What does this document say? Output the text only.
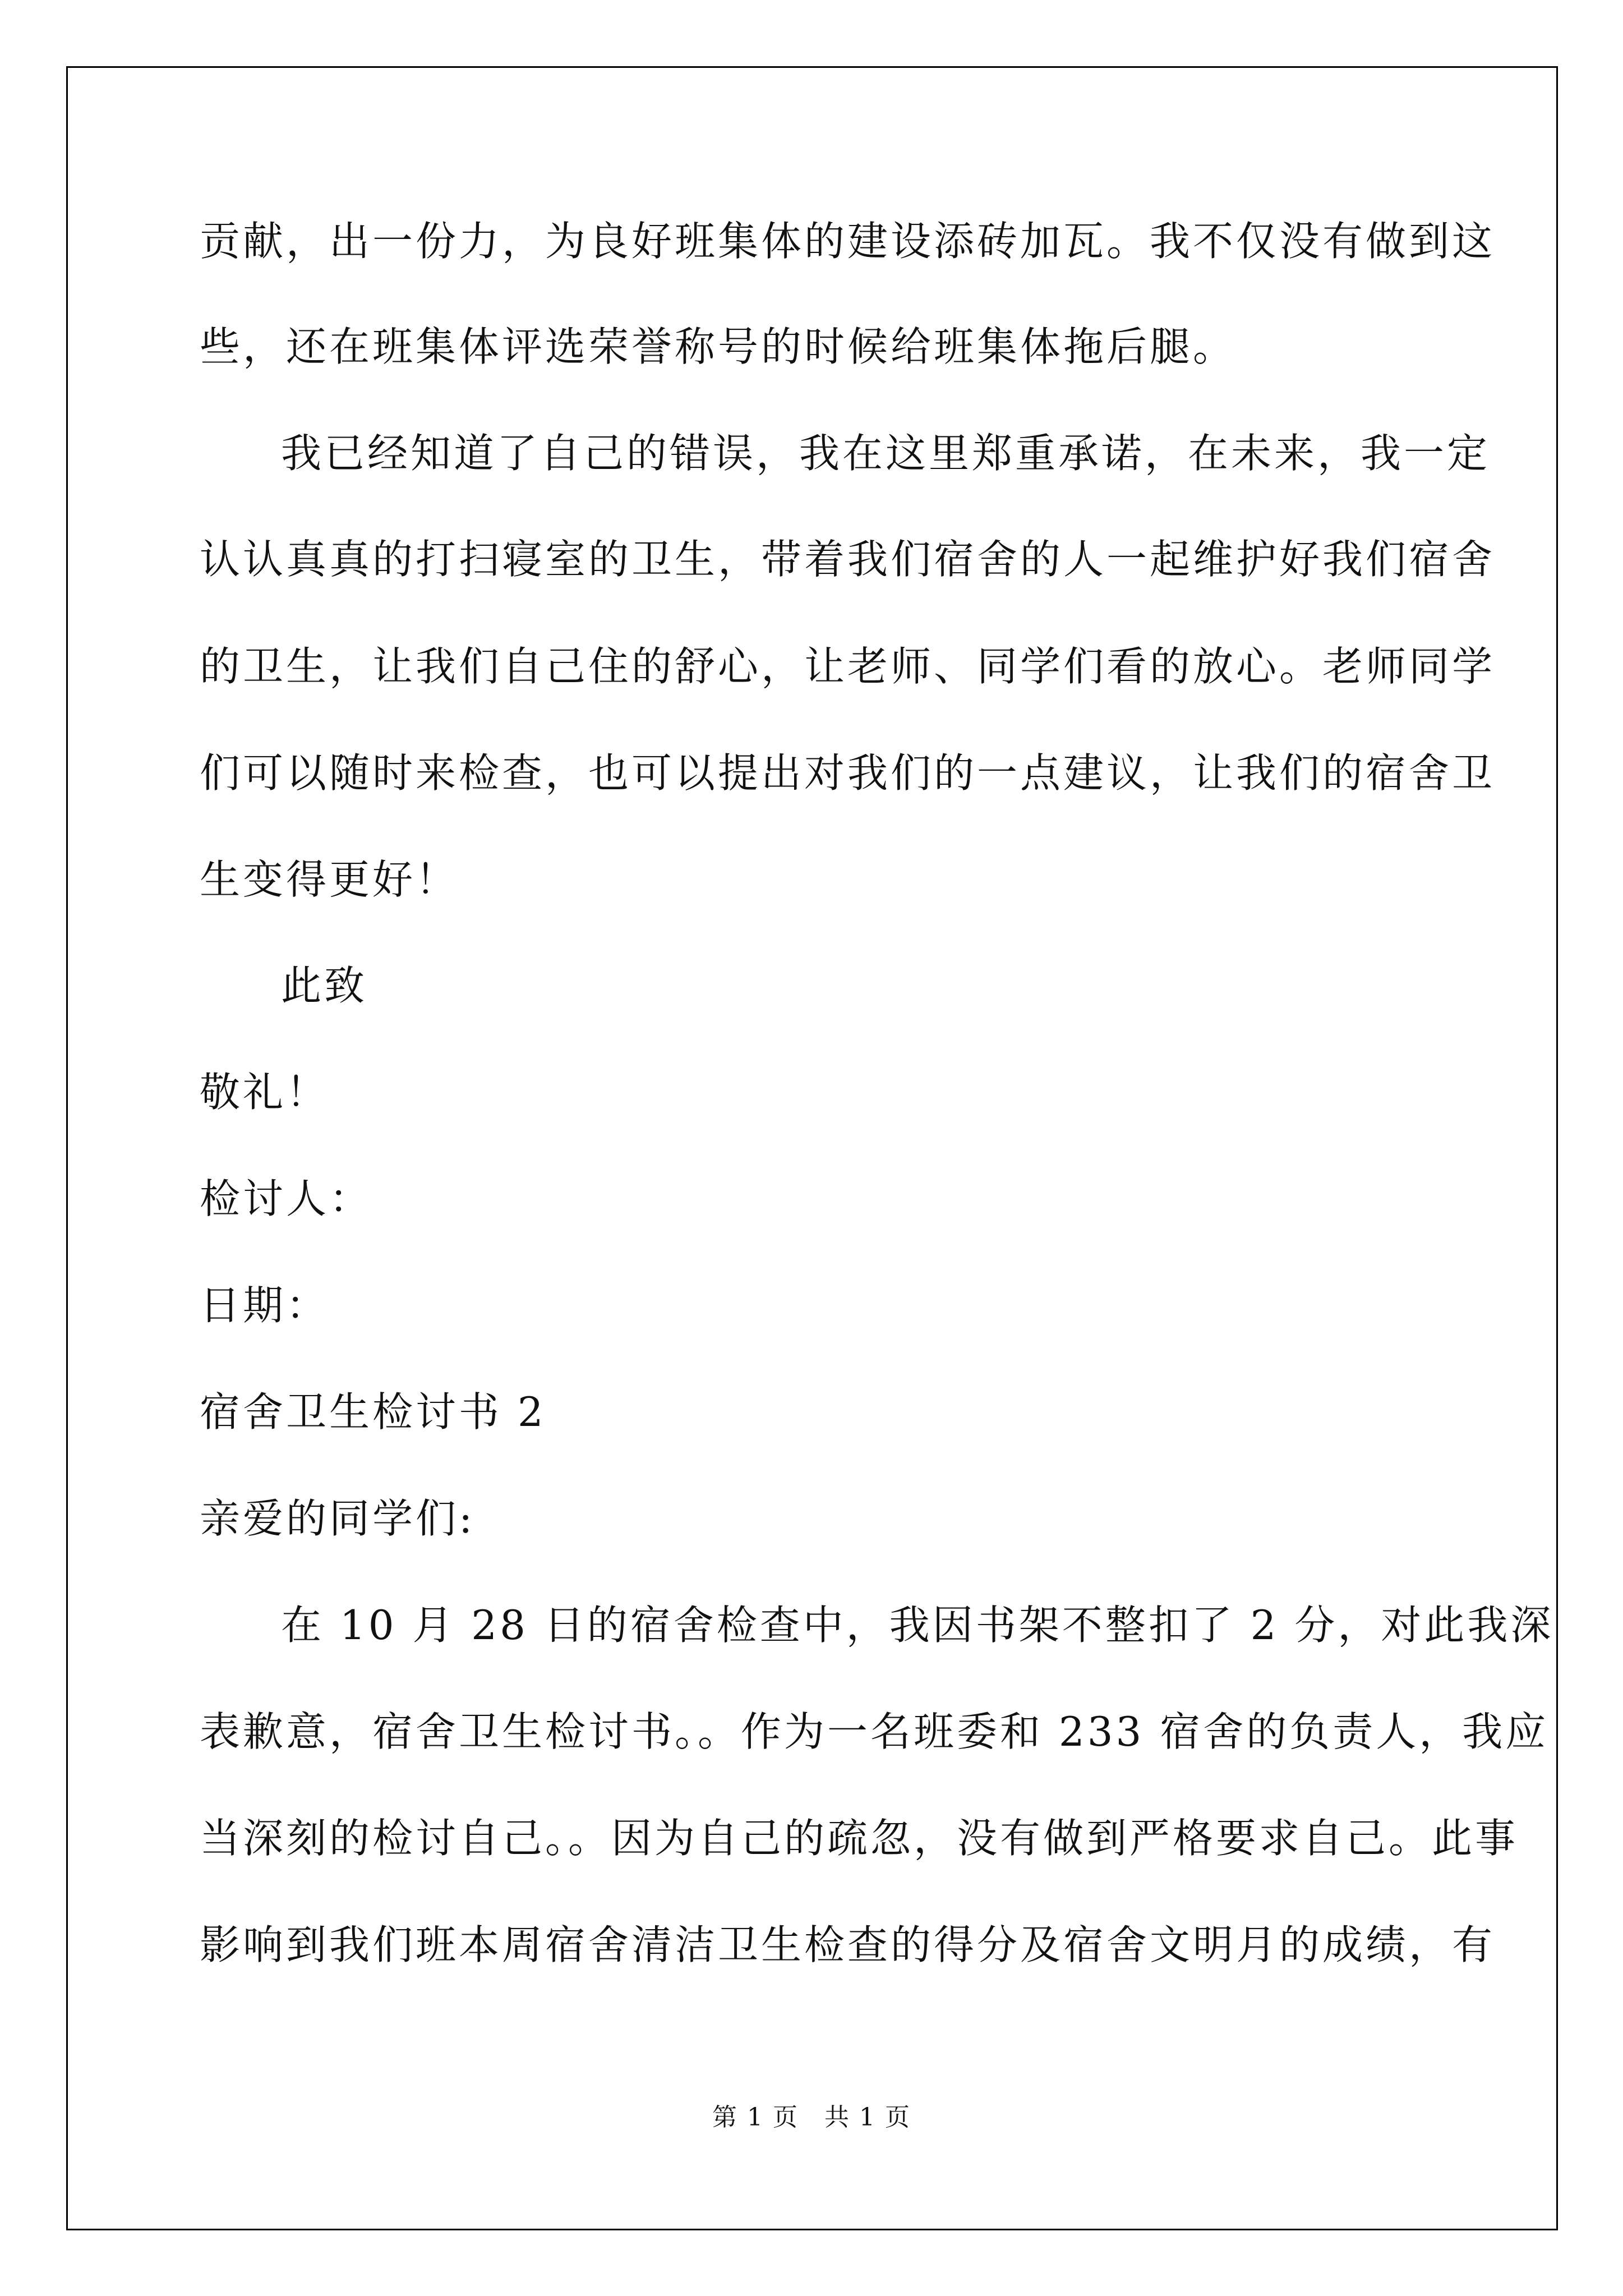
贡献，出一份力，为良好班集体的建设添砖加瓦。我不仅没有做到这
些，还在班集体评选荣誉称号的时候给班集体拖后腿。
我已经知道了自己的错误，我在这里郑重承诺，在未来，我一定
认认真真的打扫寝室的卫生，带着我们宿舍的人一起维护好我们宿舍
的卫生，让我们自己住的舒心，让老师、同学们看的放心。老师同学
们可以随时来检查，也可以提出对我们的一点建议，让我们的宿舍卫
生变得更好！
此致
敬礼！
检讨人：
日期：
宿舍卫生检讨书 2
亲爱的同学们:
在 10 月 28 日的宿舍检查中，我因书架不整扣了 2 分，对此我深
表歉意，宿舍卫生检讨书。。作为一名班委和 233 宿舍的负责人，我应
当深刻的检讨自己。。因为自己的疏忽，没有做到严格要求自己。此事
影响到我们班本周宿舍清洁卫生检查的得分及宿舍文明月的成绩，有
第 1 页　共 1 页
